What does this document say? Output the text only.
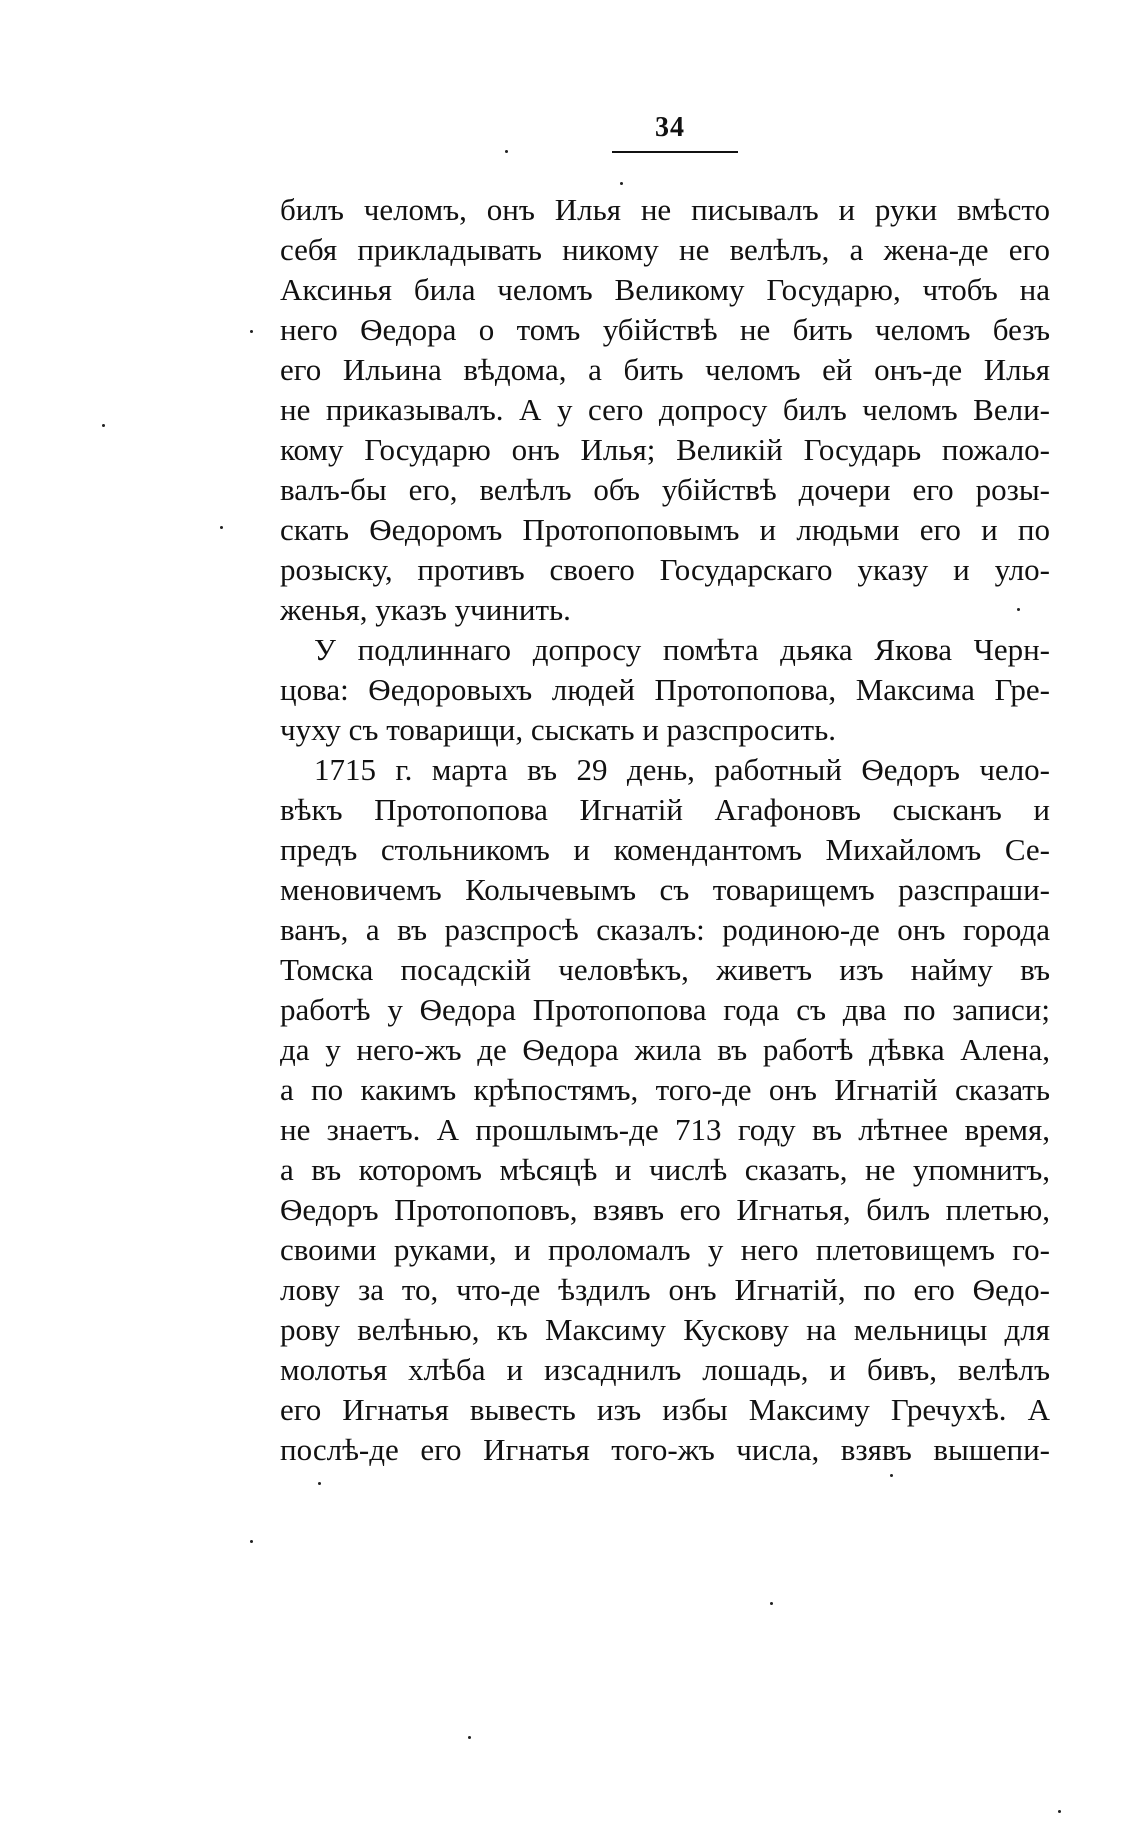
34
билъ челомъ, онъ Илья не писывалъ и руки вмѣсто
себя прикладывать никому не велѣлъ, а жена-де его
Аксинья била челомъ Великому Государю, чтобъ на
него Ѳедора о томъ убійствѣ не бить челомъ безъ
его Ильина вѣдома, а бить челомъ ей онъ-де Илья
не приказывалъ. А у сего допросу билъ челомъ Вели-
кому Государю онъ Илья; Великій Государь пожало-
валъ-бы его, велѣлъ объ убійствѣ дочери его розы-
скать Ѳедоромъ Протопоповымъ и людьми его и по
розыску, противъ своего Государскаго указу и уло-
женья, указъ учинить.
У подлиннаго допросу помѣта дьяка Якова Черн-
цова: Ѳедоровыхъ людей Протопопова, Максима Гре-
чуху съ товарищи, сыскать и разспросить.
1715 г. марта въ 29 день, работный Ѳедоръ чело-
вѣкъ Протопопова Игнатій Агафоновъ сысканъ и
предъ стольникомъ и комендантомъ Михайломъ Се-
меновичемъ Колычевымъ съ товарищемъ разспраши-
ванъ, а въ разспросѣ сказалъ: родиною-де онъ города
Томска посадскій человѣкъ, живетъ изъ найму въ
работѣ у Ѳедора Протопопова года съ два по записи;
да у него-жъ де Ѳедора жила въ работѣ дѣвка Алена,
а по какимъ крѣпостямъ, того-де онъ Игнатій сказать
не знаетъ. А прошлымъ-де 713 году въ лѣтнее время,
а въ которомъ мѣсяцѣ и числѣ сказать, не упомнитъ,
Ѳедоръ Протопоповъ, взявъ его Игнатья, билъ плетью,
своими руками, и проломалъ у него плетовищемъ го-
лову за то, что-де ѣздилъ онъ Игнатій, по его Ѳедо-
рову велѣнью, къ Максиму Кускову на мельницы для
молотья хлѣба и изсаднилъ лошадь, и бивъ, велѣлъ
его Игнатья вывесть изъ избы Максиму Гречухѣ. А
послѣ-де его Игнатья того-жъ числа, взявъ вышепи-
